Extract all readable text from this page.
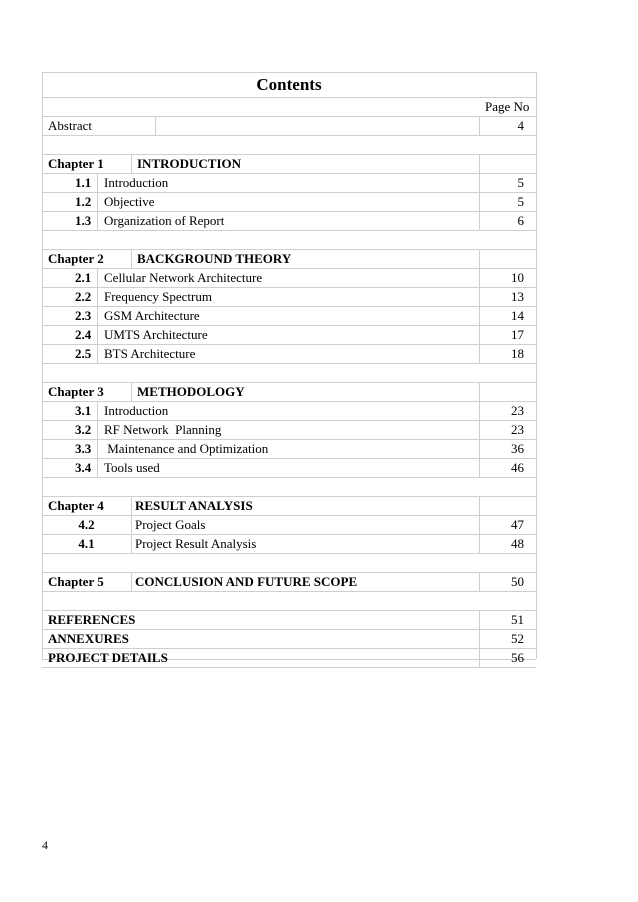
Contents
Page No
Abstract	4
Chapter 1	INTRODUCTION
1.1 Introduction	5
1.2 Objective	5
1.3 Organization of Report	6
Chapter 2	BACKGROUND THEORY
2.1 Cellular Network Architecture	10
2.2 Frequency Spectrum	13
2.3 GSM Architecture	14
2.4 UMTS Architecture	17
2.5 BTS Architecture	18
Chapter 3	METHODOLOGY
3.1 Introduction	23
3.2 RF Network  Planning	23
3.3 Maintenance and Optimization	36
3.4 Tools used	46
Chapter 4 RESULT ANALYSIS
4.2	Project Goals	47
4.1	Project Result Analysis	48
Chapter 5 CONCLUSION AND FUTURE SCOPE	50
REFERENCES	51
ANNEXURES	52
PROJECT DETAILS	56
4
